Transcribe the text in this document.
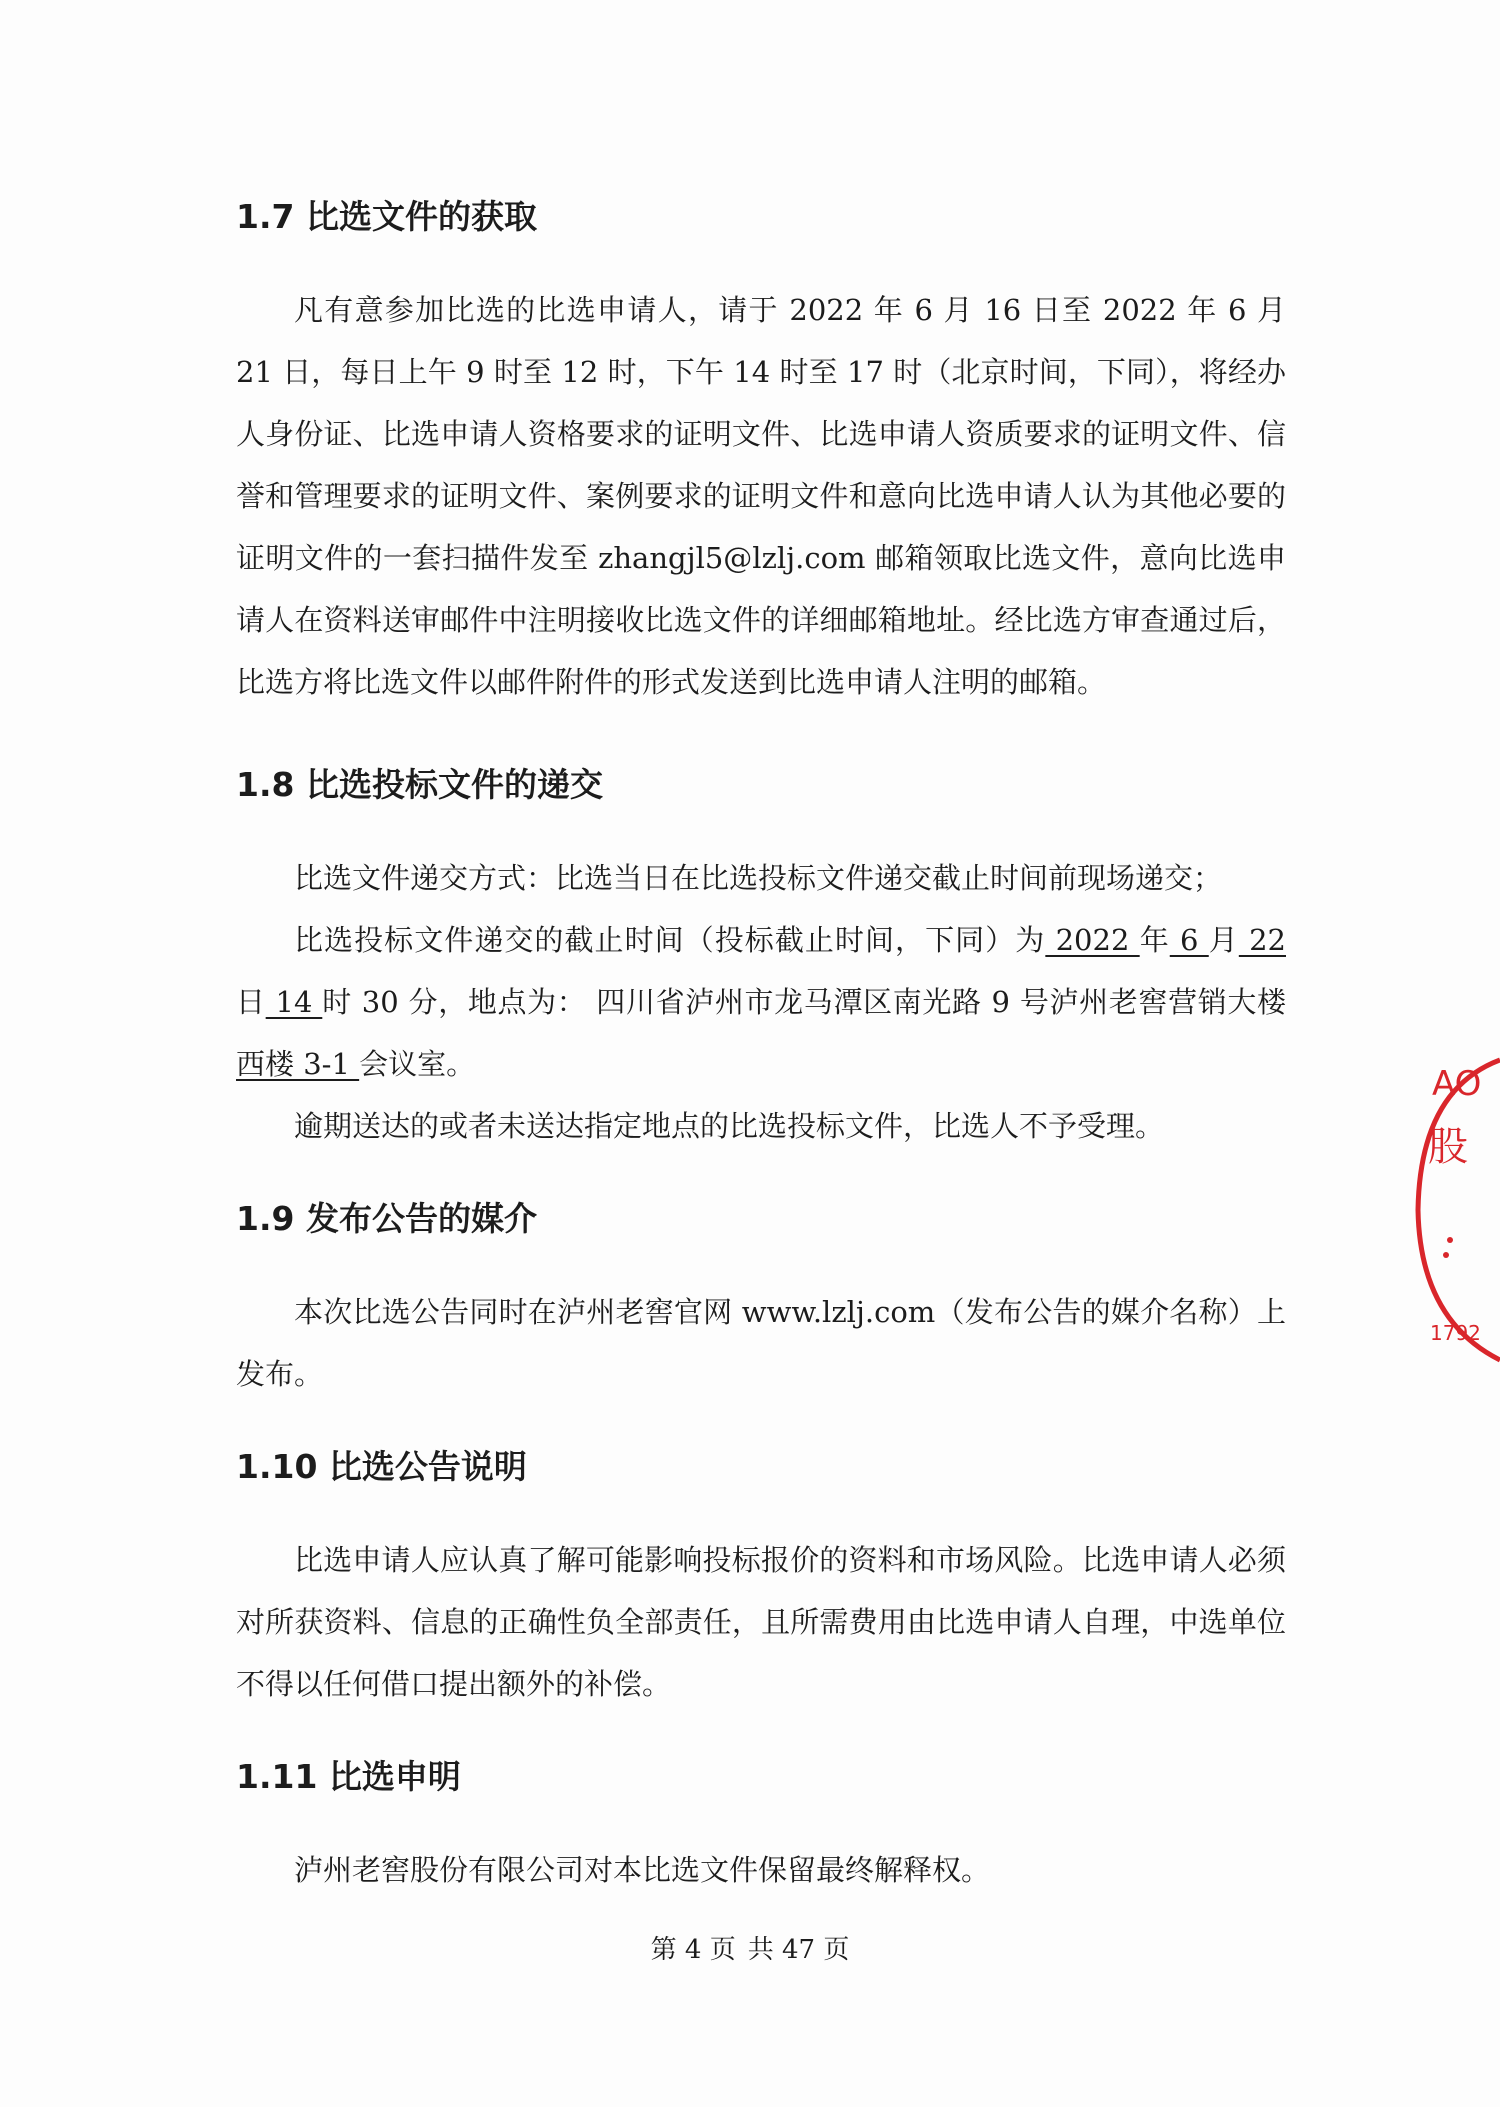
1.7 比选文件的获取

凡有意参加比选的比选申请人，请于 2022 年 6 月 16 日至 2022 年 6 月 21 日，每日上午 9 时至 12 时，下午 14 时至 17 时（北京时间，下同），将经办人身份证、比选申请人资格要求的证明文件、比选申请人资质要求的证明文件、信誉和管理要求的证明文件、案例要求的证明文件和意向比选申请人认为其他必要的证明文件的一套扫描件发至 zhangjl5@lzlj.com 邮箱领取比选文件，意向比选申请人在资料送审邮件中注明接收比选文件的详细邮箱地址。经比选方审查通过后，比选方将比选文件以邮件附件的形式发送到比选申请人注明的邮箱。

1.8 比选投标文件的递交

比选文件递交方式：比选当日在比选投标文件递交截止时间前现场递交；

比选投标文件递交的截止时间（投标截止时间，下同）为 2022 年 6 月 22 日 14 时 30 分，地点为： 四川省泸州市龙马潭区南光路 9 号泸州老窖营销大楼西楼 3-1 会议室。

逾期送达的或者未送达指定地点的比选投标文件，比选人不予受理。

1.9 发布公告的媒介

本次比选公告同时在泸州老窖官网 www.lzlj.com（发布公告的媒介名称）上发布。

1.10 比选公告说明

比选申请人应认真了解可能影响投标报价的资料和市场风险。比选申请人必须对所获资料、信息的正确性负全部责任，且所需费用由比选申请人自理，中选单位不得以任何借口提出额外的补偿。

1.11 比选申明

泸州老窖股份有限公司对本比选文件保留最终解释权。

第 4 页 共 47 页
AO
股
1792
